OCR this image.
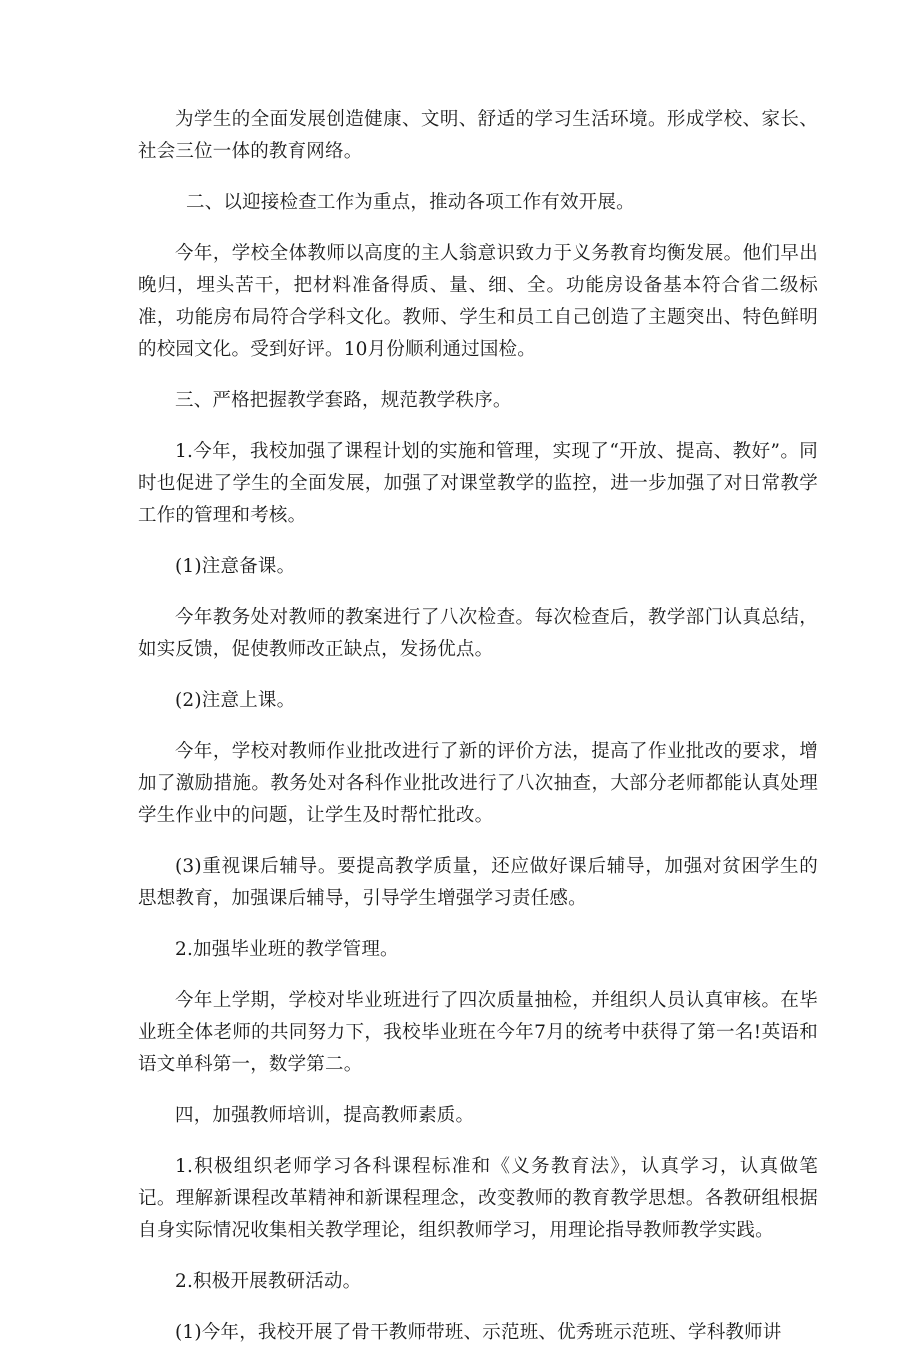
为学生的全面发展创造健康、文明、舒适的学习生活环境。形成学校、家长、社会三位一体的教育网络。

二、以迎接检查工作为重点，推动各项工作有效开展。

今年，学校全体教师以高度的主人翁意识致力于义务教育均衡发展。他们早出晚归，埋头苦干，把材料准备得质、量、细、全。功能房设备基本符合省二级标准，功能房布局符合学科文化。教师、学生和员工自己创造了主题突出、特色鲜明的校园文化。受到好评。10月份顺利通过国检。

三、严格把握教学套路，规范教学秩序。

1.今年，我校加强了课程计划的实施和管理，实现了“开放、提高、教好”。同时也促进了学生的全面发展，加强了对课堂教学的监控，进一步加强了对日常教学工作的管理和考核。

(1)注意备课。

今年教务处对教师的教案进行了八次检查。每次检查后，教学部门认真总结，如实反馈，促使教师改正缺点，发扬优点。

(2)注意上课。

今年，学校对教师作业批改进行了新的评价方法，提高了作业批改的要求，增加了激励措施。教务处对各科作业批改进行了八次抽查，大部分老师都能认真处理学生作业中的问题，让学生及时帮忙批改。

(3)重视课后辅导。要提高教学质量，还应做好课后辅导，加强对贫困学生的思想教育，加强课后辅导，引导学生增强学习责任感。

2.加强毕业班的教学管理。

今年上学期，学校对毕业班进行了四次质量抽检，并组织人员认真审核。在毕业班全体老师的共同努力下，我校毕业班在今年7月的统考中获得了第一名!英语和语文单科第一，数学第二。

四，加强教师培训，提高教师素质。

1.积极组织老师学习各科课程标准和《义务教育法》，认真学习，认真做笔记。理解新课程改革精神和新课程理念，改变教师的教育教学思想。各教研组根据自身实际情况收集相关教学理论，组织教师学习，用理论指导教师教学实践。

2.积极开展教研活动。

(1)今年，我校开展了骨干教师带班、示范班、优秀班示范班、学科教师讲
